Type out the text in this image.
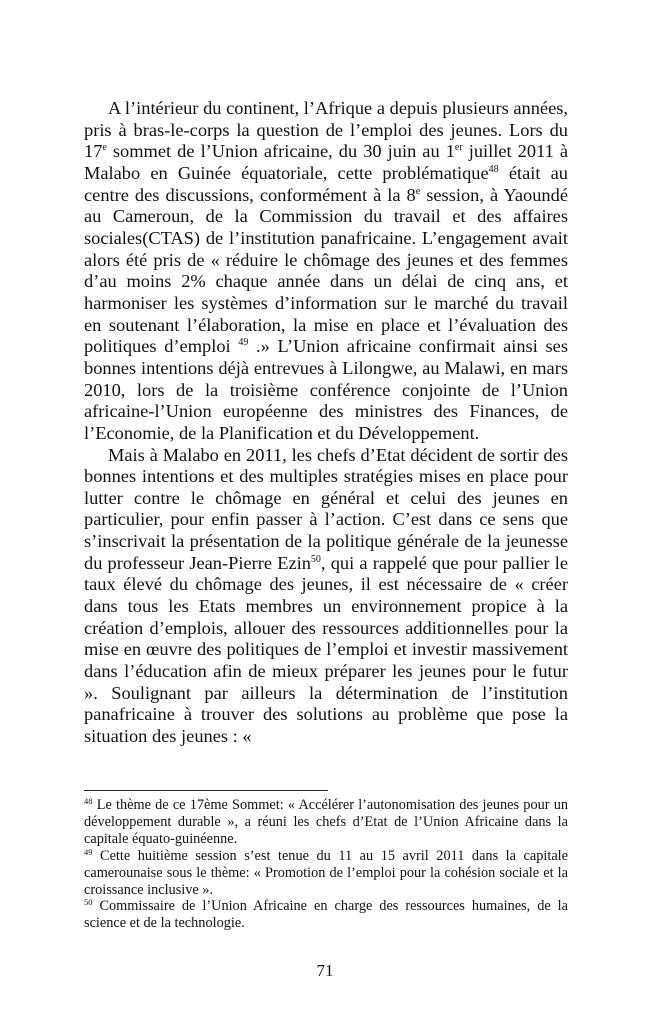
A l’intérieur du continent, l’Afrique a depuis plusieurs années, pris à bras-le-corps la question de l’emploi des jeunes. Lors du 17e sommet de l’Union africaine, du 30 juin au 1er juillet 2011 à Malabo en Guinée équatoriale, cette problématique$^{48}$ était au centre des discussions, conformément à la 8e session, à Yaoundé au Cameroun, de la Commission du travail et des affaires sociales(CTAS) de l’institution panafricaine. L’engagement avait alors été pris de « réduire le chômage des jeunes et des femmes d’au moins 2% chaque année dans un délai de cinq ans, et harmoniser les systèmes d’information sur le marché du travail en soutenant l’élaboration, la mise en place et l’évaluation des politiques d’emploi $^{49}$ .» L’Union africaine confirmait ainsi ses bonnes intentions déjà entrevues à Lilongwe, au Malawi, en mars 2010, lors de la troisième conférence conjointe de l’Union africaine-l’Union européenne des ministres des Finances, de l’Economie, de la Planification et du Développement.

Mais à Malabo en 2011, les chefs d’Etat décident de sortir des bonnes intentions et des multiples stratégies mises en place pour lutter contre le chômage en général et celui des jeunes en particulier, pour enfin passer à l’action. C’est dans ce sens que s’inscrivait la présentation de la politique générale de la jeunesse du professeur Jean-Pierre Ezin$^{50}$, qui a rappelé que pour pallier le taux élevé du chômage des jeunes, il est nécessaire de « créer dans tous les Etats membres un environnement propice à la création d’emplois, allouer des ressources additionnelles pour la mise en œuvre des politiques de l’emploi et investir massivement dans l’éducation afin de mieux préparer les jeunes pour le futur ». Soulignant par ailleurs la détermination de l’institution panafricaine à trouver des solutions au problème que pose la situation des jeunes : «

$^{48}$ Le thème de ce 17ème Sommet: « Accélérer l’autonomisation des jeunes pour un développement durable », a réuni les chefs d’Etat de l’Union Africaine dans la capitale équato-guinéenne.

$^{49}$ Cette huitième session s’est tenue du 11 au 15 avril 2011 dans la capitale camerounaise sous le thème: « Promotion de l’emploi pour la cohésion sociale et la croissance inclusive ».

$^{50}$ Commissaire de l’Union Africaine en charge des ressources humaines, de la science et de la technologie.

71
